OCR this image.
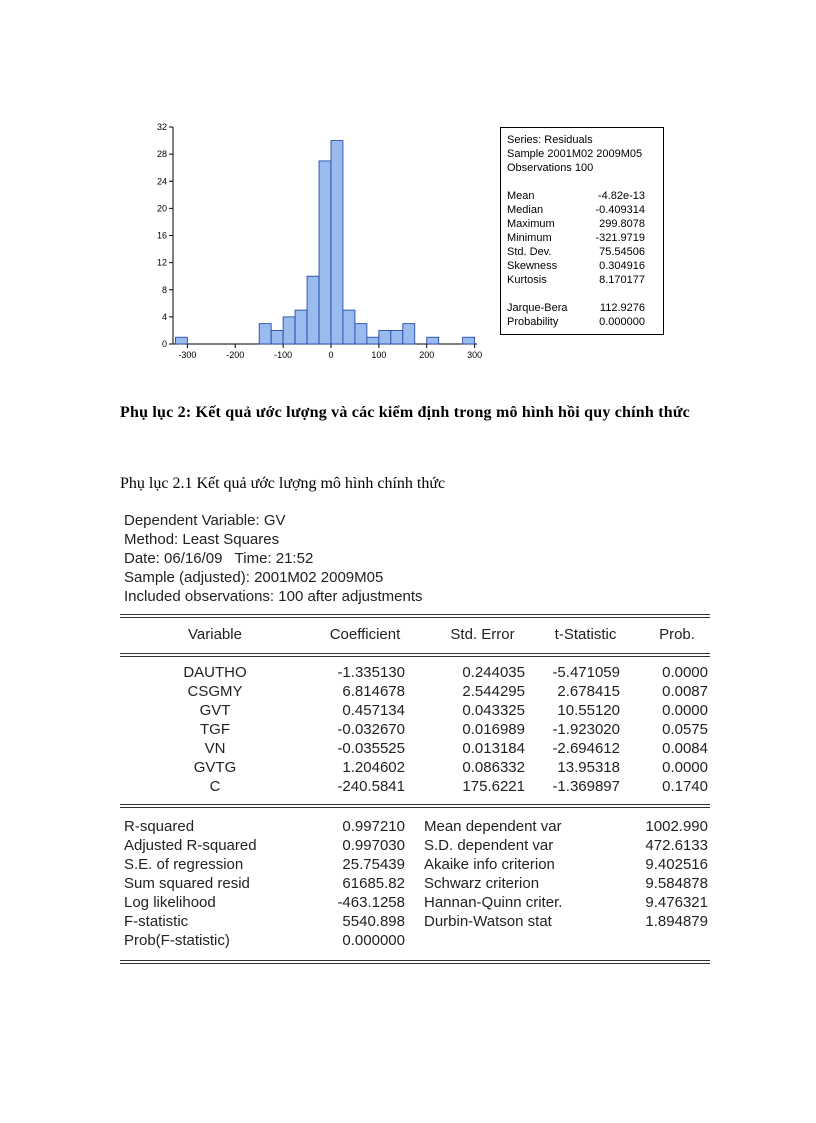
0
4
8
12
16
20
24
28
32
-300	-200	-100	0	100	200	300
Series: Residuals
Sample 2001M02 2009M05
Observations 100
Mean	-4.82e-13
Median	-0.409314
Maximum	299.8078
Minimum	-321.9719
Std. Dev.	75.54506
Skewness	0.304916
Kurtosis	8.170177
Jarque-Bera	112.9276
Probability	0.000000
Phụ lục 2: Kết quả ước lượng và các kiểm định trong mô hình hồi quy chính thức
Phụ lục 2.1 Kết quả ước lượng mô hình chính thức
Dependent Variable: GV
Method: Least Squares
Date: 06/16/09   Time: 21:52
Sample (adjusted): 2001M02 2009M05
Included observations: 100 after adjustments
Variable	Coefficient	Std. Error	t-Statistic	Prob.
DAUTHO	-1.335130	0.244035	-5.471059	0.0000
CSGMY	6.814678	2.544295	2.678415	0.0087
GVT	0.457134	0.043325	10.55120	0.0000
TGF	-0.032670	0.016989	-1.923020	0.0575
VN	-0.035525	0.013184	-2.694612	0.0084
GVTG	1.204602	0.086332	13.95318	0.0000
C	-240.5841	175.6221	-1.369897	0.1740
R-squared	0.997210 Mean dependent var	1002.990
Adjusted R-squared	0.997030 S.D. dependent var	472.6133
S.E. of regression	25.75439 Akaike info criterion	9.402516
Sum squared resid	61685.82 Schwarz criterion	9.584878
Log likelihood	-463.1258 Hannan-Quinn criter.	9.476321
F-statistic	5540.898 Durbin-Watson stat	1.894879
Prob(F-statistic)	0.000000
